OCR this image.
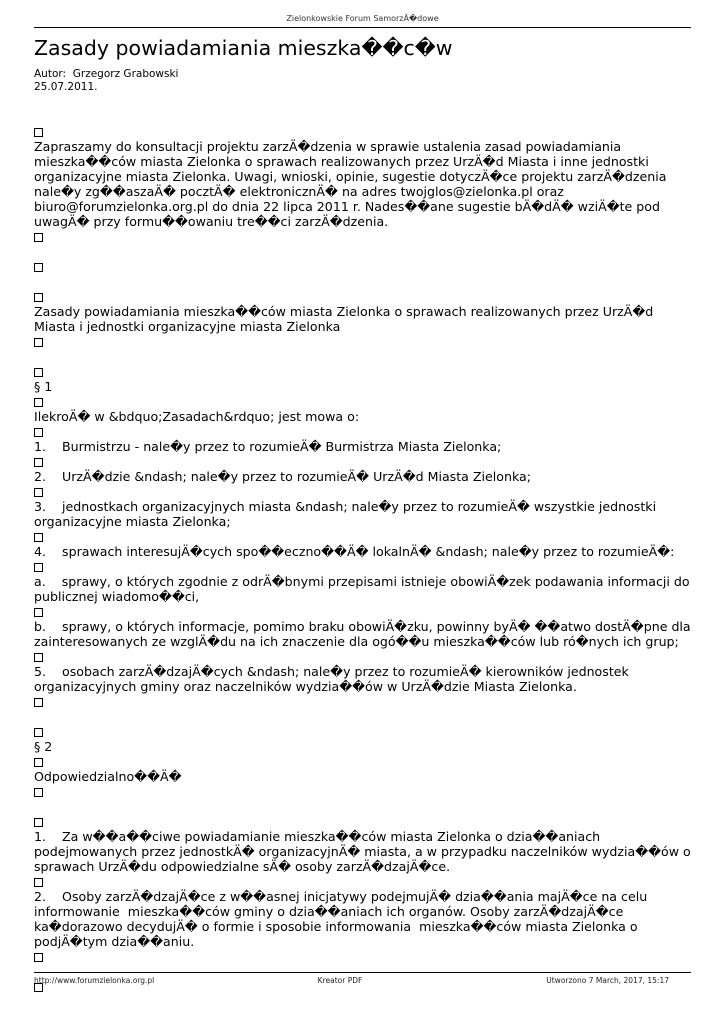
Zielonkowskie Forum SamorzÄ�dowe
Zasady powiadamiania mieszka��c�w
Autor: Grzegorz Grabowski
25.07.2011.

Zapraszamy do konsultacji projektu zarzÄ�dzenia w sprawie ustalenia zasad powiadamiania mieszka��ców miasta Zielonka o sprawach realizowanych przez UrzÄ�d Miasta i inne jednostki organizacyjne miasta Zielonka. Uwagi, wnioski, opinie, sugestie dotyczÄ�ce projektu zarzÄ�dzenia nale�y zg��aszaÄ� pocztÄ� elektronicznÄ� na adres twojglos@zielonka.pl oraz biuro@forumzielonka.org.pl do dnia 22 lipca 2011 r. Nades��ane sugestie bÄ�dÄ� wziÄ�te pod uwagÄ� przy formu��owaniu tre��ci zarzÄ�dzenia.

Zasady powiadamiania mieszka��ców miasta Zielonka o sprawach realizowanych przez UrzÄ�d Miasta i jednostki organizacyjne miasta Zielonka

§ 1

IlekroÄ� w &bdquo;Zasadach&rdquo; jest mowa o:

1.    Burmistrzu - nale�y przez to rozumieÄ� Burmistrza Miasta Zielonka;

2.    UrzÄ�dzie &ndash; nale�y przez to rozumieÄ� UrzÄ�d Miasta Zielonka;

3.    jednostkach organizacyjnych miasta &ndash; nale�y przez to rozumieÄ� wszystkie jednostki organizacyjne miasta Zielonka;

4.    sprawach interesujÄ�cych spo��eczno��Ä� lokalnÄ� &ndash; nale�y przez to rozumieÄ�:

a.    sprawy, o których zgodnie z odrÄ�bnymi przepisami istnieje obowiÄ�zek podawania informacji do publicznej wiadomo��ci,

b.    sprawy, o których informacje, pomimo braku obowiÄ�zku, powinny byÄ� ��atwo dostÄ�pne dla zainteresowanych ze wzglÄ�du na ich znaczenie dla ogó��u mieszka��ców lub ró�nych ich grup;

5.    osobach zarzÄ�dzajÄ�cych &ndash; nale�y przez to rozumieÄ� kierowników jednostek organizacyjnych gminy oraz naczelników wydzia��ów w UrzÄ�dzie Miasta Zielonka.

§ 2

Odpowiedzialno��Ä�

1.    Za w��a��ciwe powiadamianie mieszka��ców miasta Zielonka o dzia��aniach podejmowanych przez jednostkÄ� organizacyjnÄ� miasta, a w przypadku naczelników wydzia��ów o sprawach UrzÄ�du odpowiedzialne sÄ� osoby zarzÄ�dzajÄ�ce.

2.    Osoby zarzÄ�dzajÄ�ce z w��asnej inicjatywy podejmujÄ� dzia��ania majÄ�ce na celu informowanie  mieszka��ców gminy o dzia��aniach ich organów. Osoby zarzÄ�dzajÄ�ce ka�dorazowo decydujÄ� o formie i sposobie informowania  mieszka��ców miasta Zielonka o podjÄ�tym dzia��aniu.

http://www.forumzielonka.org.pl	Kreator PDF	Utworzono 7 March, 2017, 15:17
